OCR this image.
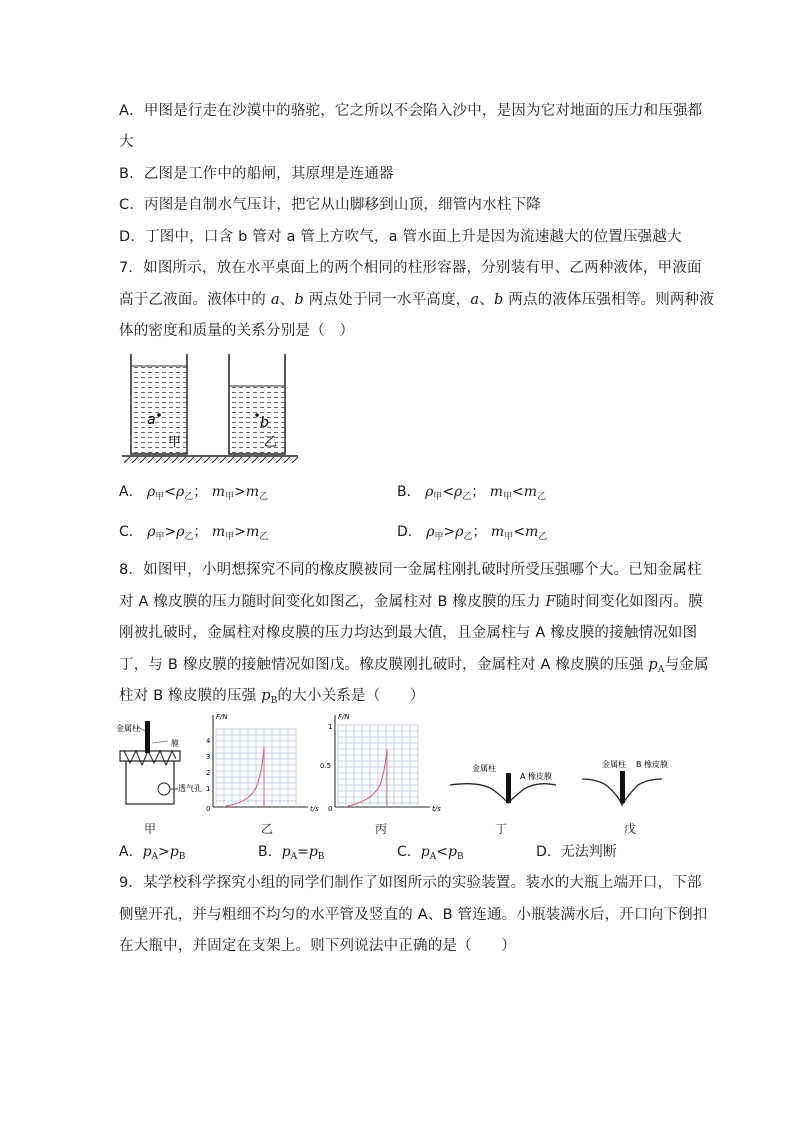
A．甲图是行走在沙漠中的骆驼，它之所以不会陷入沙中，是因为它对地面的压力和压强都
大
B．乙图是工作中的船闸，其原理是连通器
C．丙图是自制水气压计，把它从山脚移到山顶，细管内水柱下降
D．丁图中，口含 b 管对 a 管上方吹气，a 管水面上升是因为流速越大的位置压强越大
7．如图所示，放在水平桌面上的两个相同的柱形容器，分别装有甲、乙两种液体，甲液面
高于乙液面。液体中的 a、b 两点处于同一水平高度，a、b 两点的液体压强相等。则两种液
体的密度和质量的关系分别是（　）
a	b
甲	乙
A． $\rho_甲<\rho_乙$； $m_甲>m_乙$	B． $\rho_甲<\rho_乙$； $m_甲<m_乙$
C． $\rho_甲>\rho_乙$； $m_甲>m_乙$	D． $\rho_甲>\rho_乙$； $m_甲<m_乙$
8．如图甲，小明想探究不同的橡皮膜被同一金属柱刚扎破时所受压强哪个大。已知金属柱
对 A 橡皮膜的压力随时间变化如图乙，金属柱对 B 橡皮膜的压力 F随时间变化如图丙。膜
刚被扎破时，金属柱对橡皮膜的压力均达到最大值，且金属柱与 A 橡皮膜的接触情况如图
丁，与 B 橡皮膜的接触情况如图戊。橡皮膜刚扎破时，金属柱对 A 橡皮膜的压强 $p_A$与金属
柱对 B 橡皮膜的压强 $p_B$的大小关系是（　　）
金属柱
膜
透气孔
F/N
t/s
4
3
2
1
0
F/N
t/s
1
0.5
0
金属柱
A 橡皮膜
金属柱 B 橡皮膜
甲	乙	丙	丁	戊
A．$p_A>p_B$	B．$p_A=p_B$	C．$p_A<p_B$	D．无法判断
9．某学校科学探究小组的同学们制作了如图所示的实验装置。装水的大瓶上端开口，下部
侧壁开孔，并与粗细不均匀的水平管及竖直的 A、B 管连通。小瓶装满水后，开口向下倒扣
在大瓶中，并固定在支架上。则下列说法中正确的是（　　）
